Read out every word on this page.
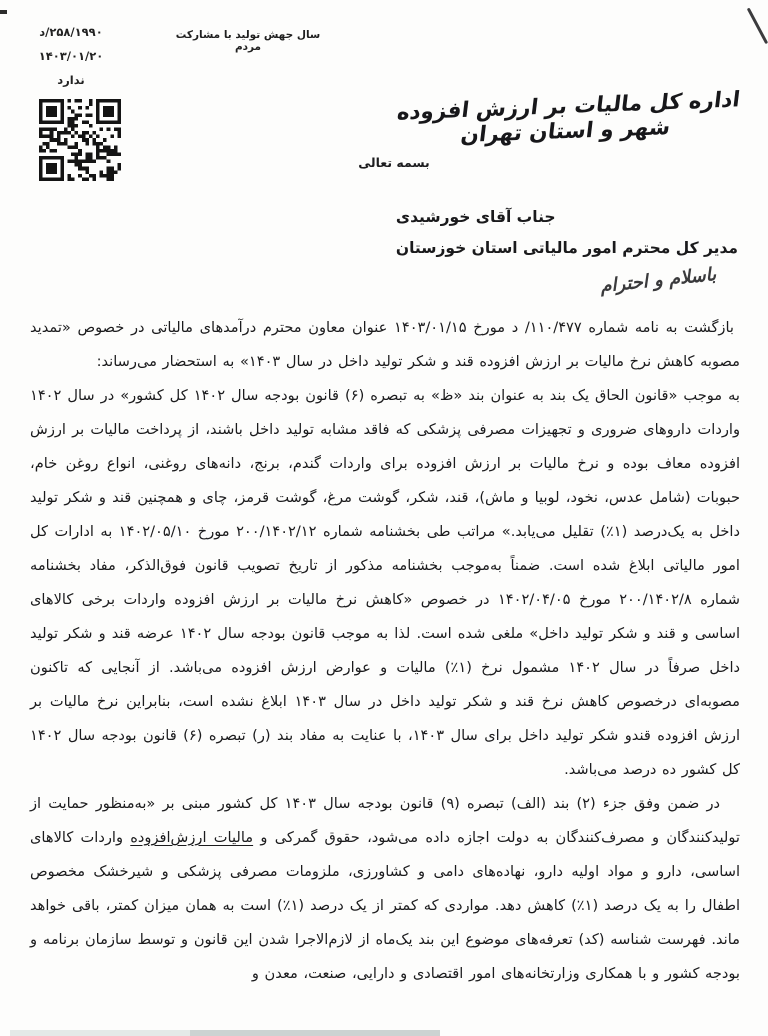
۲۵۸/۱۹۹۰/د
۱۴۰۳/۰۱/۲۰
ندارد
سال جهش تولید با مشارکت مردم
اداره کل مالیات بر ارزش افزوده شهر و استان تهران
بسمه تعالی
جناب آقای خورشیدی
مدیر کل محترم امور مالیاتی استان خوزستان
باسلام و احترام

بازگشت به نامه شماره ۱۱۰/۴۷۷/ د مورخ ۱۴۰۳/۰۱/۱۵ عنوان معاون محترم درآمدهای مالیاتی در خصوص «تمدید مصوبه کاهش نرخ مالیات بر ارزش افزوده قند و شکر تولید داخل در سال ۱۴۰۳» به استحضار می‌رساند:

به موجب «قانون الحاق یک بند به عنوان بند «ظ» به تبصره (۶) قانون بودجه سال ۱۴۰۲ کل کشور» در سال ۱۴۰۲ واردات داروهای ضروری و تجهیزات مصرفی پزشکی که فاقد مشابه تولید داخل باشند، از پرداخت مالیات بر ارزش افزوده معاف بوده و نرخ مالیات بر ارزش افزوده برای واردات گندم، برنج، دانه‌های روغنی، انواع روغن خام، حبوبات (شامل عدس، نخود، لوبیا و ماش)، قند، شکر، گوشت مرغ، گوشت قرمز، چای و همچنین قند و شکر تولید داخل به یک‌درصد (۱٪) تقلیل می‌یابد.» مراتب طی بخشنامه شماره ۲۰۰/۱۴۰۲/۱۲ مورخ ۱۴۰۲/۰۵/۱۰ به ادارات کل امور مالیاتی ابلاغ شده است. ضمناً به‌موجب بخشنامه مذکور از تاریخ تصویب قانون فوق‌الذکر، مفاد بخشنامه شماره ۲۰۰/۱۴۰۲/۸ مورخ ۱۴۰۲/۰۴/۰۵ در خصوص «کاهش نرخ مالیات بر ارزش افزوده واردات برخی کالاهای اساسی و قند و شکر تولید داخل» ملغی شده است. لذا به موجب قانون بودجه سال ۱۴۰۲ عرضه قند و شکر تولید داخل صرفاً در سال ۱۴۰۲ مشمول نرخ (۱٪) مالیات و عوارض ارزش افزوده می‌باشد. از آنجایی که تاکنون مصوبه‌ای درخصوص کاهش نرخ قند و شکر تولید داخل در سال ۱۴۰۳ ابلاغ نشده است، بنابراین نرخ مالیات بر ارزش افزوده قندو شکر تولید داخل برای سال ۱۴۰۳، با عنایت به مفاد بند (ر) تبصره (۶) قانون بودجه سال ۱۴۰۲ کل کشور ده درصد می‌باشد.

در ضمن وفق جزء (۲) بند (الف) تبصره (۹) قانون بودجه سال ۱۴۰۳ کل کشور مبنی بر «به‌منظور حمایت از تولیدکنندگان و مصرف‌کنندگان به دولت اجازه داده می‌شود، حقوق گمرکی و مالیات ارزش‌افزوده واردات کالاهای اساسی، دارو و مواد اولیه دارو، نهاده‌های دامی و کشاورزی، ملزومات مصرفی پزشکی و شیرخشک مخصوص اطفال را به یک درصد (۱٪) کاهش دهد. مواردی که کمتر از یک درصد (۱٪) است به همان میزان کمتر، باقی خواهد ماند. فهرست شناسه (کد) تعرفه‌های موضوع این بند یک‌ماه از لازم‌الاجرا شدن این قانون و توسط سازمان برنامه و بودجه کشور و با همکاری وزارتخانه‌های امور اقتصادی و دارایی، صنعت، معدن و
